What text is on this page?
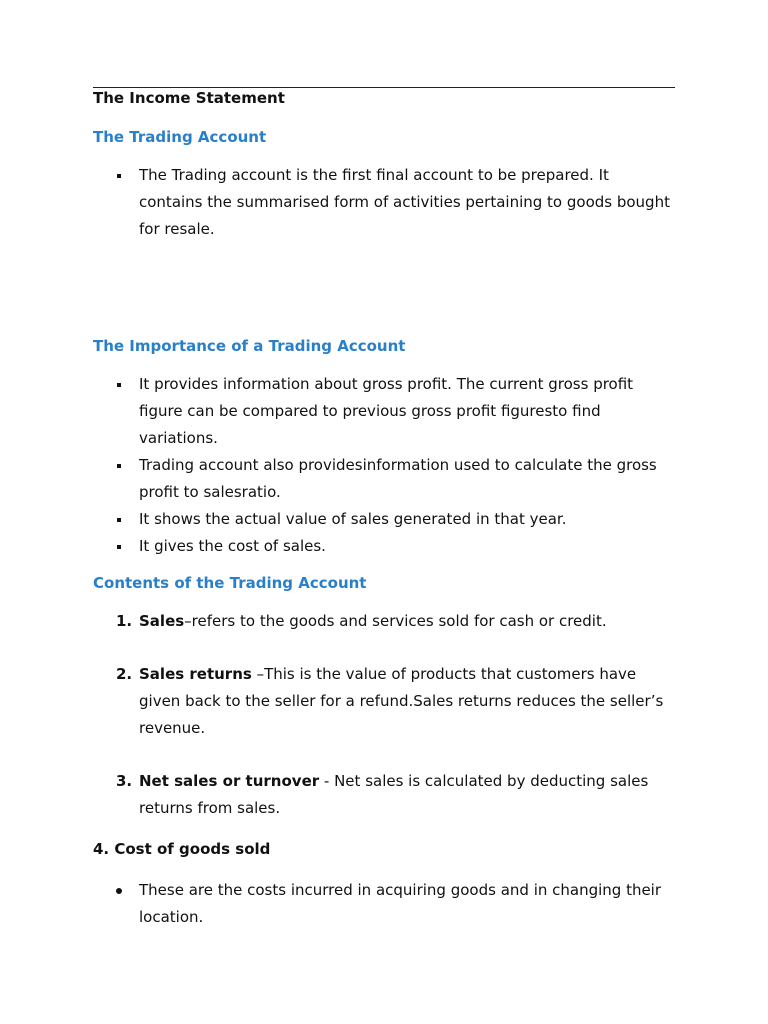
The Income Statement
The Trading Account
The Trading account is the first final account to be prepared. It contains the summarised form of activities pertaining to goods bought for resale.
The Importance of a Trading Account
It provides information about gross profit. The current gross profit figure can be compared to previous gross profit figuresto find variations.
Trading account also providesinformation used to calculate the gross profit to salesratio.
It shows the actual value of sales generated in that year.
It gives the cost of sales.
Contents of the Trading Account
1. Sales–refers to the goods and services sold for cash or credit.
2. Sales returns –This is the value of products that customers have given back to the seller for a refund.Sales returns reduces the seller’s revenue.
3. Net sales or turnover - Net sales is calculated by deducting sales returns from sales.
4. Cost of goods sold
These are the costs incurred in acquiring goods and in changing their location.
